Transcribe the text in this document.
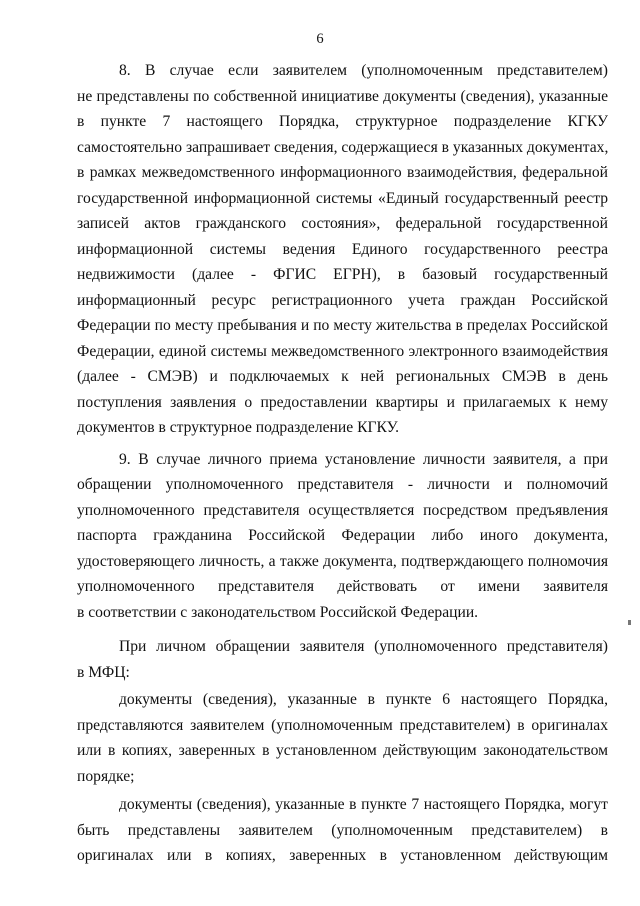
6
8. В случае если заявителем (уполномоченным представителем)
не представлены по собственной инициативе документы (сведения), указанные
в пункте 7 настоящего Порядка, структурное подразделение КГКУ
самостоятельно запрашивает сведения, содержащиеся в указанных документах,
в рамках межведомственного информационного взаимодействия, федеральной
государственной информационной системы «Единый государственный реестр
записей актов гражданского состояния», федеральной государственной
информационной системы ведения Единого государственного реестра
недвижимости (далее - ФГИС ЕГРН), в базовый государственный
информационный ресурс регистрационного учета граждан Российской
Федерации по месту пребывания и по месту жительства в пределах Российской
Федерации, единой системы межведомственного электронного взаимодействия
(далее - СМЭВ) и подключаемых к ней региональных СМЭВ в день
поступления заявления о предоставлении квартиры и прилагаемых к нему
документов в структурное подразделение КГКУ.
9. В случае личного приема установление личности заявителя, а при
обращении уполномоченного представителя - личности и полномочий
уполномоченного представителя осуществляется посредством предъявления
паспорта гражданина Российской Федерации либо иного документа,
удостоверяющего личность, а также документа, подтверждающего полномочия
уполномоченного представителя действовать от имени заявителя
в соответствии с законодательством Российской Федерации.
При личном обращении заявителя (уполномоченного представителя)
в МФЦ:
документы (сведения), указанные в пункте 6 настоящего Порядка,
представляются заявителем (уполномоченным представителем) в оригиналах
или в копиях, заверенных в установленном действующим законодательством
порядке;
документы (сведения), указанные в пункте 7 настоящего Порядка, могут
быть представлены заявителем (уполномоченным представителем) в
оригиналах или в копиях, заверенных в установленном действующим
